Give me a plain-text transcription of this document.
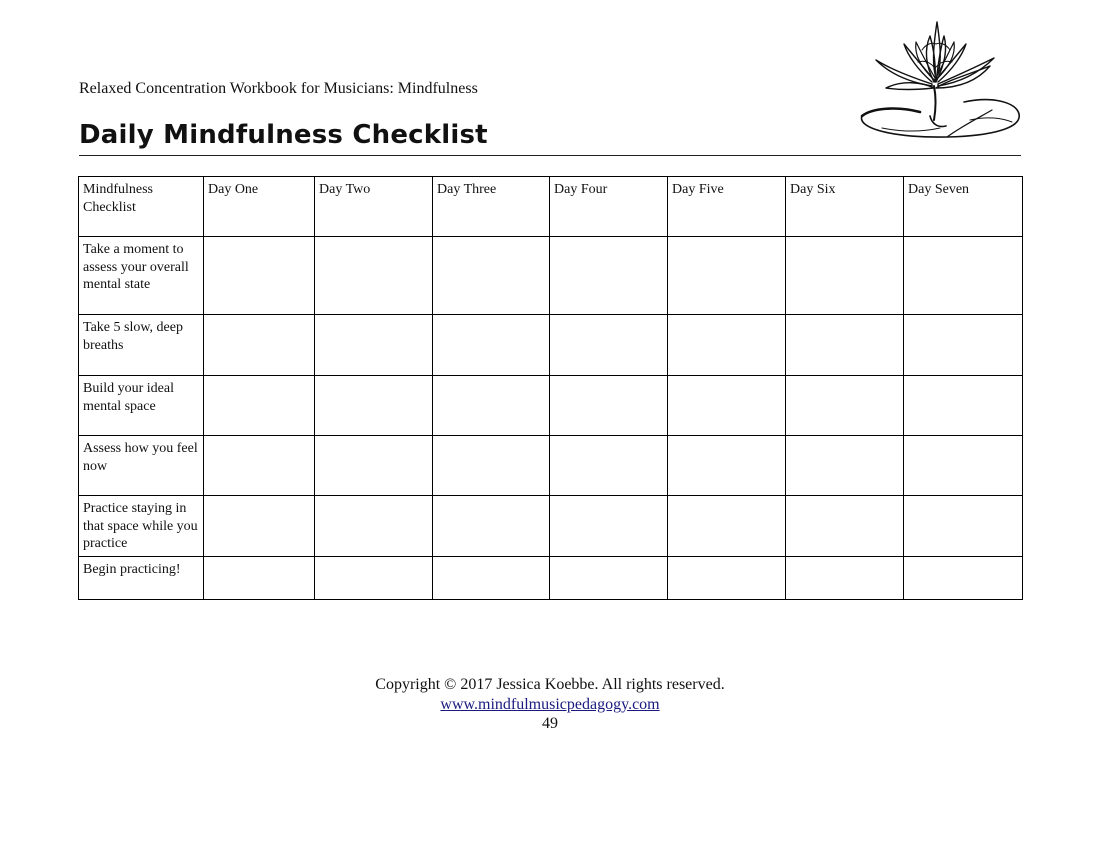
Relaxed Concentration Workbook for Musicians: Mindfulness
Daily Mindfulness Checklist
Mindfulness Checklist	Day One	Day Two	Day Three	Day Four	Day Five	Day Six	Day Seven
Take a moment to assess your overall mental state							
Take 5 slow, deep breaths							
Build your ideal mental space							
Assess how you feel now							
Practice staying in that space while you practice							
Begin practicing!							
Copyright © 2017 Jessica Koebbe. All rights reserved.
www.mindfulmusicpedagogy.com
49
